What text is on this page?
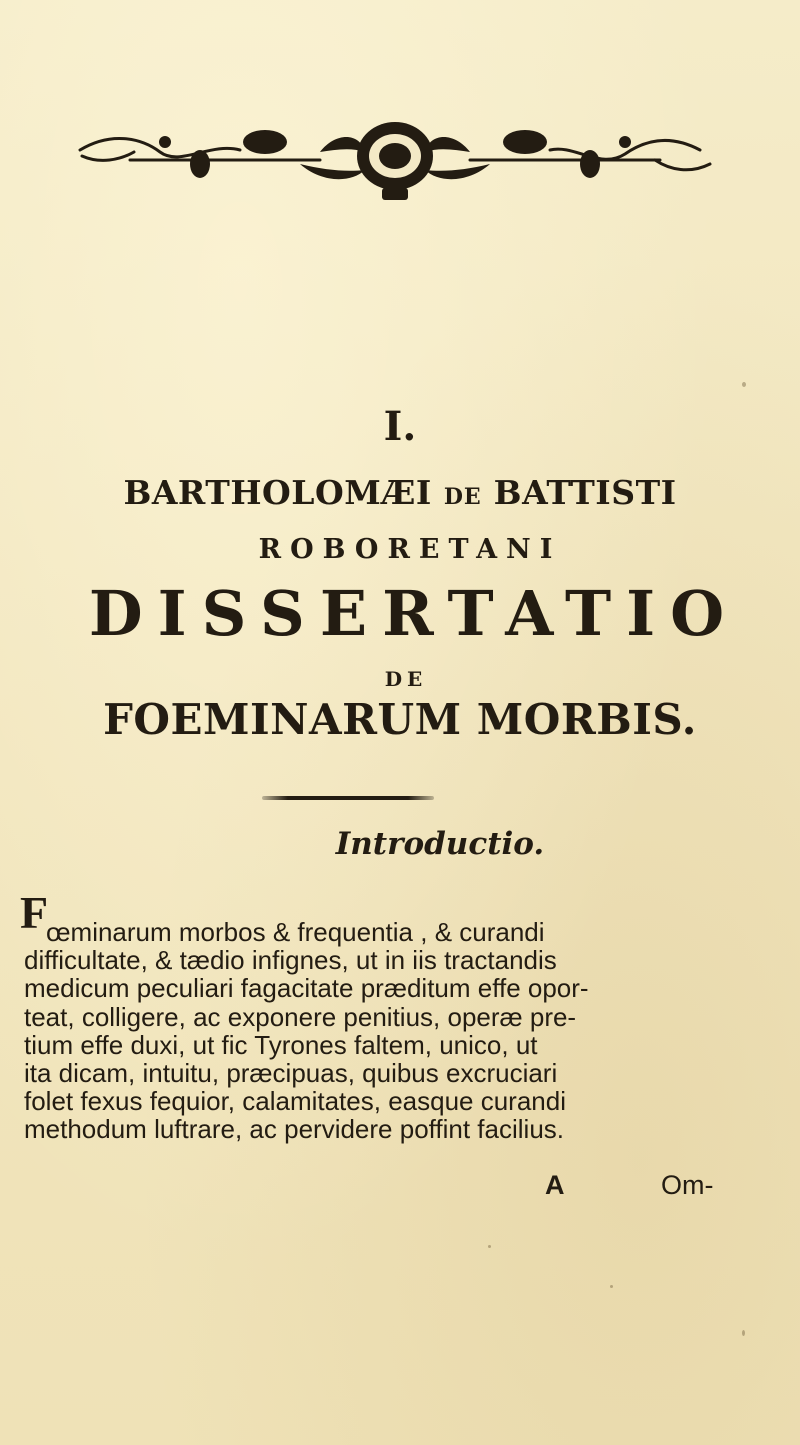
I.
BARTHOLOMÆI DE BATTISTI
ROBORETANI
DISSERTATIO
DE
FOEMINARUM MORBIS.
Introductio.
F
œminarum morbos & frequentia , & curandi
difficultate, & tædio infignes, ut in iis tractandis
medicum peculiari fagacitate præditum effe opor-
teat, colligere, ac exponere penitius, operæ pre-
tium effe duxi, ut fic Tyrones faltem, unico, ut
ita dicam, intuitu, præcipuas, quibus excruciari
folet fexus fequior, calamitates, easque curandi
methodum luftrare, ac pervidere poffint facilius.
A	Om-
